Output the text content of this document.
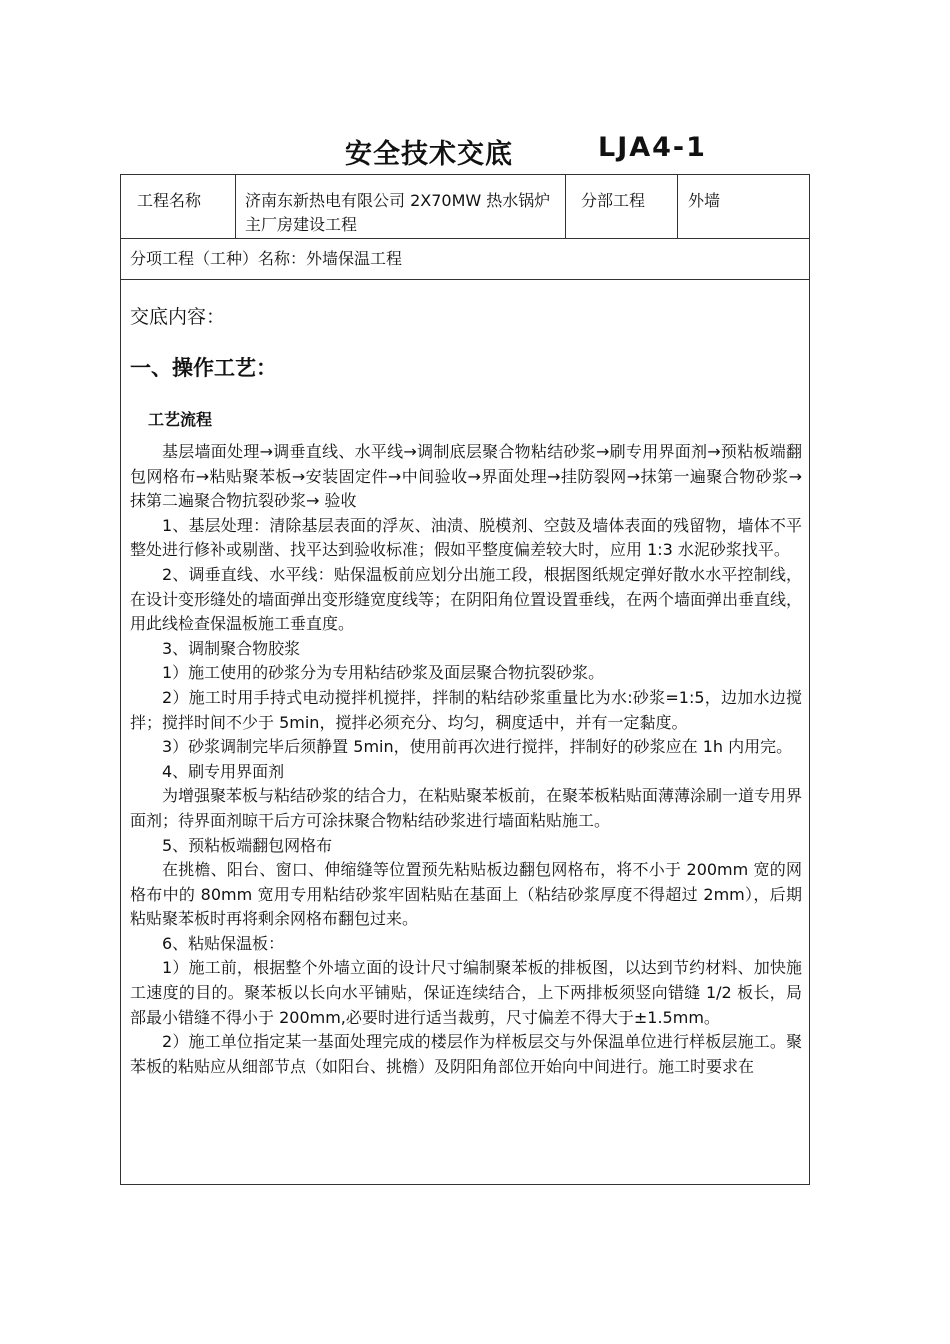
安全技术交底	LJA4-1
工程名称	济南东新热电有限公司 2X70MW 热水锅炉主厂房建设工程
分部工程	外墙
分项工程（工种）名称：外墙保温工程
交底内容：
一、操作工艺：
工艺流程

基层墙面处理→调垂直线、水平线→调制底层聚合物粘结砂浆→刷专用界面剂→预粘板端翻包网格布→粘贴聚苯板→安装固定件→中间验收→界面处理→挂防裂网→抹第一遍聚合物砂浆→ 抹第二遍聚合物抗裂砂浆→ 验收

1、基层处理：清除基层表面的浮灰、油渍、脱模剂、空鼓及墙体表面的残留物，墙体不平整处进行修补或剔凿、找平达到验收标准；假如平整度偏差较大时，应用 1:3 水泥砂浆找平。

2、调垂直线、水平线：贴保温板前应划分出施工段，根据图纸规定弹好散水水平控制线，在设计变形缝处的墙面弹出变形缝宽度线等；在阴阳角位置设置垂线，在两个墙面弹出垂直线，用此线检查保温板施工垂直度。

3、调制聚合物胶浆

1）施工使用的砂浆分为专用粘结砂浆及面层聚合物抗裂砂浆。

2）施工时用手持式电动搅拌机搅拌，拌制的粘结砂浆重量比为水:砂浆=1:5，边加水边搅拌；搅拌时间不少于 5min，搅拌必须充分、均匀，稠度适中，并有一定黏度。

3）砂浆调制完毕后须静置 5min，使用前再次进行搅拌，拌制好的砂浆应在 1h 内用完。

4、刷专用界面剂

为增强聚苯板与粘结砂浆的结合力，在粘贴聚苯板前，在聚苯板粘贴面薄薄涂刷一道专用界面剂；待界面剂晾干后方可涂抹聚合物粘结砂浆进行墙面粘贴施工。

5、预粘板端翻包网格布

在挑檐、阳台、窗口、伸缩缝等位置预先粘贴板边翻包网格布，将不小于 200mm 宽的网格布中的 80mm 宽用专用粘结砂浆牢固粘贴在基面上（粘结砂浆厚度不得超过 2mm），后期粘贴聚苯板时再将剩余网格布翻包过来。

6、粘贴保温板：

1）施工前，根据整个外墙立面的设计尺寸编制聚苯板的排板图，以达到节约材料、加快施工速度的目的。聚苯板以长向水平铺贴，保证连续结合，上下两排板须竖向错缝 1/2 板长，局部最小错缝不得小于 200mm,必要时进行适当裁剪，尺寸偏差不得大于±1.5mm。

2）施工单位指定某一基面处理完成的楼层作为样板层交与外保温单位进行样板层施工。聚苯板的粘贴应从细部节点（如阳台、挑檐）及阴阳角部位开始向中间进行。施工时要求在
